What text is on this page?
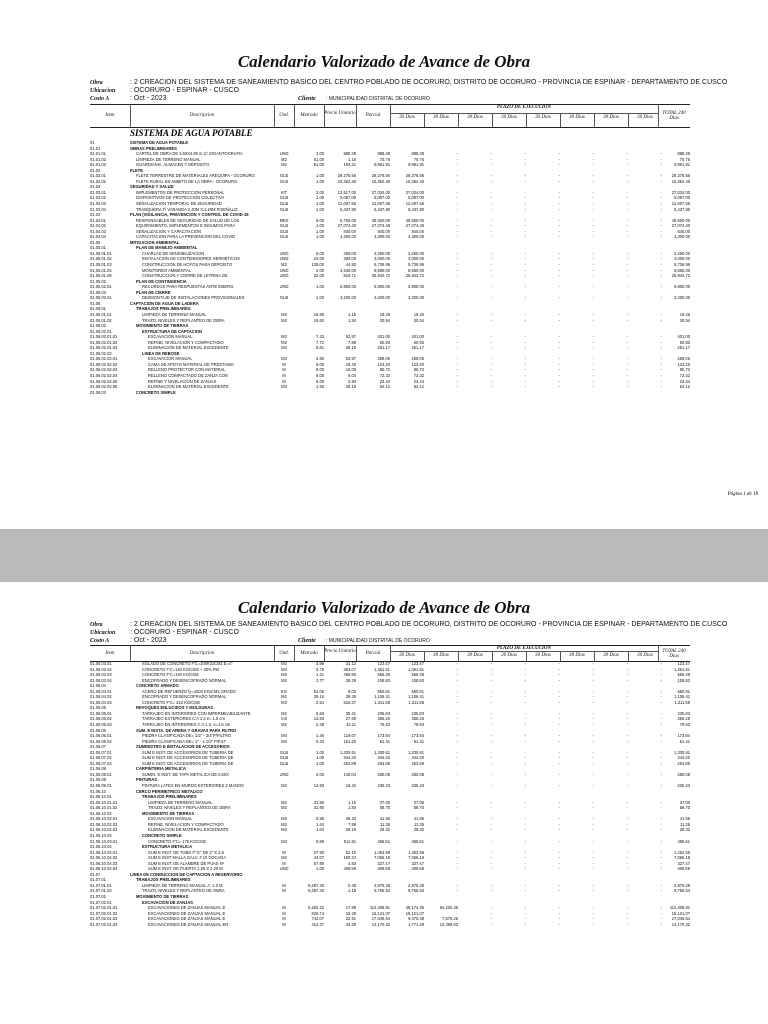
Calendario Valorizado de Avance de Obra
Obra	: 2 CREACION DEL SISTEMA DE SANEAMIENTO BASICO DEL CENTRO POBLADO DE OCORURO, DISTRITO DE OCORURO - PROVINCIA DE ESPINAR - DEPARTAMENTO DE CUSCO
Ubicacion : OCORURO - ESPINAR - CUSCO
Costo A	: Oct - 2023	Cliente : MUNICIPALIDAD DISTRITAL DE OCORURO
Item	Descripcion	Und.	Metrado	Precio Unitario	Parcial
PLAZO DE EJECUCION
30 Dias	30 Dias	30 Dias	30 Dias	30 Dias	30 Dias	30 Dias	30 Dias
TOTAL 240 Dias
SISTEMA DE AGUA POTABLE
01	SISTEMA DE AGUA POTABLE
01.01	OBRAS PRELIMINARES
01.01.01	CARTEL DE OBRA DE 3.60X4.80 m C/ GIGANTOGRAFIA	UND	1.00	888.38	888.38	888.38	-	-	-	-	-	-	-	888.38
01.01.02	LIMPIEZA DE TERRENO MANUAL	M2	61.00	1.16	70.76	70.76	-	-	-	-	-	-	-	70.76
01.01.03	GUARDIANIA, ALMACEN Y DEPOSITO	M2	61.00	163.31	9,961.91	9,961.91	-	-	-	-	-	-	-	9,961.91
01.02	FLETE
01.02.01	FLETE TERRESTRE DE MATERIALES AREQUIPA - OCORURO	GLB	1.00	29,278.56	29,278.56	29,278.56	-	-	-	-	-	-	-	29,278.56
01.02.02	FLETE RURAL EN AMBITO DE LA OBRA - OCORURO	GLB	1.00	10,362.40	10,362.40	10,362.40	-	-	-	-	-	-	-	10,362.40
01.03	SEGURIDAD Y SALUD
01.03.01	IMPLEMENTOS DE PROTECCION PERSONAL	KIT	2.00	13,517.00	27,034.00	27,034.00	-	-	-	-	-	-	-	27,034.00
01.03.02	DISPOSITIVOS DE PROTECCION COLECTIVA	GLB	1.00	5,057.00	5,057.00	5,057.00	-	-	-	-	-	-	-	5,057.00
01.03.03	SEÑALIZACION TEMPORAL DE SEGURIDAD	GLB	1.00	12,007.66	12,007.66	12,007.66	-	-	-	-	-	-	-	12,007.66
01.03.04	TRANQUERA T/ VARANDA 2.40M X 1.20M P/SEÑALIZ.	GLB	1.00	5,437.80	5,437.80	5,437.80	-	-	-	-	-	-	-	5,437.80
01.04	PLAN (VIGILANCIA, PREVENCION Y CONTROL DE COVID-19
01.04.01	RESPONSABLES DE SEGURIDAD DE SALUD DE LOS	MES	8.00	5,700.00	45,600.00	45,600.00	-	-	-	-	-	-	-	45,600.00
01.04.02	EQUIPAMIENTO, IMPLEMENTOS E INSUMOS PARA	GLB	1.00	27,074.40	27,074.40	27,074.40	-	-	-	-	-	-	-	27,074.40
01.04.03	SEÑALIZACION Y CAPACITACION	GLB	1.00	840.00	840.00	840.00	-	-	-	-	-	-	-	840.00
01.04.04	CAPACITACION PARA LA PREVENCION DEL COVID	GLB	1.00	4,300.00	4,300.00	4,300.00	-	-	-	-	-	-	-	4,300.00
01.05	MITIGACION AMBIENTAL
01.05.01	PLAN DE MANEJO AMBIENTAL
01.05.01.01	CHARLAS DE SENSIBILIZACION	UND	5.00	450.00	2,250.00	2,250.00	-	-	-	-	-	-	-	2,250.00
01.05.01.02	INSTALACION DE CONTENEDORES HERMETICOS	UND	10.00	300.00	3,000.00	3,000.00	-	-	-	-	-	-	-	3,000.00
01.05.01.03	CONSTRUCCION DE HOYOS PARA DEPOSITO	M3	128.00	44.82	5,736.96	5,736.96	-	-	-	-	-	-	-	5,736.96
01.05.01.04	MONITOREO AMBIENTAL	UND	2.00	4,340.00	8,680.00	8,680.00	-	-	-	-	-	-	-	8,680.00
01.05.01.05	CONSTRUCCION Y CIERRE DE LETRINA DE	UND	32.00	810.71	25,942.72	25,942.72	-	-	-	-	-	-	-	25,942.72
01.05.02	PLAN DE CONTINGENCIA
01.05.02.01	RECURSOS PARA RESPUESTAS ANTE EMERG.	UND	1.00	5,900.00	5,900.00	5,900.00	-	-	-	-	-	-	-	5,900.00
01.05.03	PLAN DE CIERRE
01.05.03.01	DESMONTAJE DE INSTALACIONES PROVISIONALES	GLB	1.00	3,200.00	3,200.00	3,200.00	-	-	-	-	-	-	-	3,200.00
01.06	CAPTACION DE AGUA DE LADERA
01.06.01	TRABAJOS PRELIMINARES
01.06.01.01	LIMPIEZA DE TERRENO MANUAL	M2	16.80	1.16	19.26	19.26	-	-	-	-	-	-	-	19.26
01.06.01.02	TRAZO, NIVELES Y REPLANTEO DE OBRA	M2	16.60	1.84	30.54	30.54	-	-	-	-	-	-	-	30.54
01.06.02	MOVIMIENTO DE TIERRAS
01.06.02.01	ESTRUCTURA DE CAPTACION
01.06.02.01.01	EXCAVACION MANUAL	M3	7.43	53.97	401.00	401.00	-	-	-	-	-	-	-	401.00
01.06.02.01.02	REFINE, NIVELACION Y COMPACTADO	M2	7.72	7.88	60.83	60.83	-	-	-	-	-	-	-	60.83
01.06.02.01.03	ELIMINACION DE MATERIAL EXCEDENTE	M3	8.81	28.19	251.17	251.17	-	-	-	-	-	-	-	251.17
01.06.02.02	LINEA DE REBOSE
01.06.02.02.01	EXCAVACION MANUAL	M3	4.80	53.97	259.06	259.06	-	-	-	-	-	-	-	259.06
01.06.02.02.02	CAMA DE APOYO MATERIAL DE PRESTAMO	M	8.00	15.40	123.20	123.20	-	-	-	-	-	-	-	123.20
01.06.02.02.03	RELLENO PROTECTOR CON MATERIAL	M	8.00	10.09	80.72	80.72	-	-	-	-	-	-	-	80.72
01.06.02.02.04	RELLENO COMPACTADO DE ZANJA CON	M	8.00	9.04	72.32	72.32	-	-	-	-	-	-	-	72.32
01.06.02.02.05	REFINE Y NIVELACION DE ZANJAS	M	8.00	2.93	23.44	23.44	-	-	-	-	-	-	-	23.44
01.06.02.02.06	ELIMINACION DE MATERIAL EXCEDENTE	M3	1.92	28.19	54.12	54.12	-	-	-	-	-	-	-	54.12
01.06.03	CONCRETO SIMPLE
Página 1 de 18
Calendario Valorizado de Avance de Obra
Obra	: 2 CREACION DEL SISTEMA DE SANEAMIENTO BASICO DEL CENTRO POBLADO DE OCORURO, DISTRITO DE OCORURO - PROVINCIA DE ESPINAR - DEPARTAMENTO DE CUSCO
Ubicacion : OCORURO - ESPINAR - CUSCO
Costo A	: Oct - 2023	Cliente : MUNICIPALIDAD DISTRITAL DE OCORURO
Item	Descripcion	Und.	Metrado	Precio Unitario	Parcial
PLAZO DE EJECUCION
30 Dias	30 Dias	30 Dias	30 Dias	30 Dias	30 Dias	30 Dias	30 Dias
TOTAL 240 Dias
01.06.03.01	SOLADO DE CONCRETO F'C=100KG/CM2 E=4"	M2	3.96	31.12	123.47	123.47	-	-	-	-	-	-	-	123.47
01.06.03.02	CONCRETO F'C=140 KG/CM2 + 30% PM	M3	3.75	363.07	1,361.51	1,361.51	-	-	-	-	-	-	-	1,361.51
01.06.03.03	CONCRETO F'C=140 KG/CM2	M3	1.21	458.90	555.38	555.38	-	-	-	-	-	-	-	555.38
01.06.03.04	ENCOFRADO Y DESENCOFRADO NORMAL	M2	2.77	39.29	108.83	108.83	-	-	-	-	-	-	-	108.83
01.06.04	CONCRETO ARMADO
01.06.04.01	ACERO DE REFUERZO fy=4200 KG/CM2 GRADO	KG	81.06	8.03	650.91	650.91	-	-	-	-	-	-	-	650.91
01.06.04.02	ENCOFRADO Y DESENCOFRADO NORMAL	M2	28.16	39.29	1,106.41	1,106.41	-	-	-	-	-	-	-	1,106.41
01.06.04.03	CONCRETO F'C= 210 KG/CM2	M3	2.54	516.37	1,311.58	1,311.58	-	-	-	-	-	-	-	1,311.58
01.06.05	REVOQUES ENLUCIDOS Y MOLDURAS
01.06.05.01	TARRAJEO EN INTERIORES CON IMPERMEABILIZANTE	M2	6.66	35.41	235.83	235.83	-	-	-	-	-	-	-	235.83
01.06.05.02	TARRAJEO EXTERIORES C:A 1:4 e= 1.5 cm	m2	12.83	27.69	355.26	355.26	-	-	-	-	-	-	-	355.26
01.06.05.03	TARRAJEO EN INTERIORES C:A 1:4, e=1.5 cm	M2	2.48	32.11	79.63	79.63	-	-	-	-	-	-	-	79.63
01.06.06	SUM. E INSTA. DE ARENA Y GRAVAS PARA FILTRO
01.06.06.01	PIEDRA CLASIFICADA DE= 1/2" - 3/4"P/FILTRO	M3	1.46	119.07	173.84	173.84	-	-	-	-	-	-	-	173.84
01.06.06.02	PIEDRA CLASIFICADA DE= 1" - 1 1/2" P/FILT	M3	0.34	151.20	51.41	51.41	-	-	-	-	-	-	-	51.41
01.06.07	SUMINISTRO E INSTALACION DE ACCESORIOS
01.06.07.01	SUM E INST. DE ACCESORIOS DE TUBERIA DE	GLB	1.00	1,330.61	1,330.61	1,330.61	-	-	-	-	-	-	-	1,330.61
01.06.07.02	SUM E INST. DE ACCESORIOS DE TUBERIA DE	GLB	1.00	344.20	344.20	344.20	-	-	-	-	-	-	-	344.20
01.06.07.03	SUM E INST. DE ACCESORIOS DE TUBERIA DE	GLB	1.00	253.89	253.89	253.89	-	-	-	-	-	-	-	253.89
01.06.08	CARPINTERIA METALICA
01.06.08.01	SUMIN. E INST. DE TAPA METALICA DE 0.60X	UND	2.00	140.04	280.08	280.08	-	-	-	-	-	-	-	280.08
01.06.09	PINTURAS
01.06.09.01	PINTURA LATEX EN MUROS EXTERIORES 2 MANOS	M2	12.83	18.42	236.33	236.33	-	-	-	-	-	-	-	236.33
01.06.10	CERCO PERIMETRICO METALICO
01.06.10.01	TRABAJOS PRELIMINARES
01.06.10.01.01	LIMPIEZA DE TERRENO MANUAL	M2	31.90	1.16	37.00	37.00	-	-	-	-	-	-	-	37.00
01.06.10.01.02	TRAZO, NIVELES Y REPLANTEO DE OBRA	M2	31.90	1.84	58.70	58.70	-	-	-	-	-	-	-	58.70
01.06.10.02	MOVIMIENTO DE TIERRAS
01.06.10.02.01	EXCAVACION MANUAL	M3	0.86	48.33	41.56	41.56	-	-	-	-	-	-	-	41.56
01.06.10.02.02	REFINE, NIVELACION Y COMPACTADO	M2	1.44	7.88	11.35	11.35	-	-	-	-	-	-	-	11.35
01.06.10.02.03	ELIMINACION DE MATERIAL EXCEDENTE	M3	1.04	28.19	29.32	29.32	-	-	-	-	-	-	-	29.32
01.06.10.03	CONCRETO SIMPLE
01.06.10.03.01	CONCRETO F'C= 175 KG/CM2	M3	0.89	511.81	455.51	455.51	-	-	-	-	-	-	-	455.51
01.06.10.04	ESTRUCTURA METALICA
01.06.10.04.01	SUM E INST. DE TUBO F°G° DE 2" X 2.5	M	27.90	52.10	1,453.59	1,453.59	-	-	-	-	-	-	-	1,453.59
01.06.10.04.02	SUM E INST MALLA GALV. # 10 COCADA	M2	44.07	160.34	7,066.18	7,066.18	-	-	-	-	-	-	-	7,066.18
01.06.10.04.03	SUM E INST. DE ALAMBRE DE PUAS Nº	M	67.80	4.83	327.47	327.47	-	-	-	-	-	-	-	327.47
01.06.10.04.04	SUM E INST. DE PUERTA 1.20 X 2.20 M	UND	1.00	409.59	409.59	409.59	-	-	-	-	-	-	-	409.59
01.07	LINEA DE CONDUCCION DE CAPTACION A RESERVORIO
01.07.01	TRABAJOS PRELIMINARES
01.07.01.01	LIMPIEZA DE TERRENO MANUAL A: 1.0 M	M	8,287.40	0.36	2,976.28	2,976.28	-	-	-	-	-	-	-	2,976.28
01.07.01.02	TRAZO, NIVELES Y REPLANTEO DE OBRA	M	8,287.40	1.18	9,755.53	9,755.53	-	-	-	-	-	-	-	9,755.53
01.07.02	MOVIMIENTO DE TIERRAS
01.07.02.01	EXCAVACION DE ZANJAS
01.07.02.01.01	EXCAVACIONES DE ZANJAS MANUAL E	M	6,283.22	17.89	112,408.81	48,174.35	64,232.46	-	-	-	-	-	-	112,408.81
01.07.02.01.02	EXCAVACIONES DE ZANJAS MANUAL E	M	826.74	18.29	15,121.07	15,121.07	-	-	-	-	-	-	-	15,121.07
01.07.02.01.03	EXCAVACIONES DE ZANJAS MANUAL E	M	744.07	22.91	17,046.64	9,470.38	7,576.26	-	-	-	-	-	-	17,046.64
01.07.02.01.04	EXCAVACIONES DE ZANJAS MANUAL EN	M	413.37	34.28	14,170.32	1,771.29	12,399.03	-	-	-	-	-	-	14,170.32
